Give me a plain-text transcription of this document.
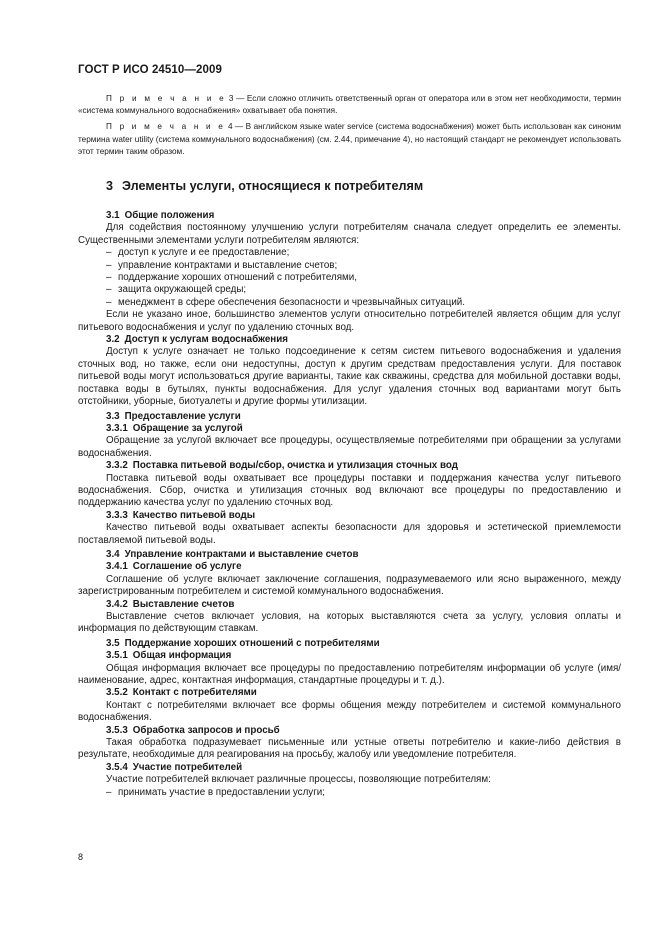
ГОСТ Р ИСО 24510—2009

П р и м е ч а н и е 3 — Если сложно отличить ответственный орган от оператора или в этом нет необходимости, термин «система коммунального водоснабжения» охватывает оба понятия.

П р и м е ч а н и е 4 — В английском языке water service (система водоснабжения) может быть использован как синоним термина water utility (система коммунального водоснабжения) (см. 2.44, примечание 4), но настоящий стандарт не рекомендует использовать этот термин таким образом.

3 Элементы услуги, относящиеся к потребителям
3.1 Общие положения

Для содействия постоянному улучшению услуги потребителям сначала следует определить ее элементы. Существенными элементами услуги потребителям являются:

– доступ к услуге и ее предоставление;
– управление контрактами и выставление счетов;
– поддержание хороших отношений с потребителями,
– защита окружающей среды;
– менеджмент в сфере обеспечения безопасности и чрезвычайных ситуаций.

Если не указано иное, большинство элементов услуги относительно потребителей является общим для услуг питьевого водоснабжения и услуг по удалению сточных вод.

3.2 Доступ к услугам водоснабжения

Доступ к услуге означает не только подсоединение к сетям систем питьевого водоснабжения и удаления сточных вод, но также, если они недоступны, доступ к другим средствам предоставления услуги. Для поставок питьевой воды могут использоваться другие варианты, такие как скважины, средства для мобильной доставки воды, поставка воды в бутылях, пункты водоснабжения. Для услуг удаления сточных вод вариантами могут быть отстойники, уборные, биотуалеты и другие формы утилизации.

3.3 Предоставление услуги
3.3.1 Обращение за услугой

Обращение за услугой включает все процедуры, осуществляемые потребителями при обращении за услугами водоснабжения.

3.3.2 Поставка питьевой воды/сбор, очистка и утилизация сточных вод

Поставка питьевой воды охватывает все процедуры поставки и поддержания качества услуг питьевого водоснабжения. Сбор, очистка и утилизация сточных вод включают все процедуры по предоставлению и поддержанию качества услуг по удалению сточных вод.

3.3.3 Качество питьевой воды

Качество питьевой воды охватывает аспекты безопасности для здоровья и эстетической приемлемости поставляемой питьевой воды.

3.4 Управление контрактами и выставление счетов
3.4.1 Соглашение об услуге

Соглашение об услуге включает заключение соглашения, подразумеваемого или ясно выраженного, между зарегистрированным потребителем и системой коммунального водоснабжения.

3.4.2 Выставление счетов

Выставление счетов включает условия, на которых выставляются счета за услугу, условия оплаты и информация по действующим ставкам.

3.5 Поддержание хороших отношений с потребителями
3.5.1 Общая информация

Общая информация включает все процедуры по предоставлению потребителям информации об услуге (имя/наименование, адрес, контактная информация, стандартные процедуры и т. д.).

3.5.2 Контакт с потребителями

Контакт с потребителями включает все формы общения между потребителем и системой коммунального водоснабжения.

3.5.3 Обработка запросов и просьб

Такая обработка подразумевает письменные или устные ответы потребителю и какие-либо действия в результате, необходимые для реагирования на просьбу, жалобу или уведомление потребителя.

3.5.4 Участие потребителей

Участие потребителей включает различные процессы, позволяющие потребителям:

– принимать участие в предоставлении услуги;
8
